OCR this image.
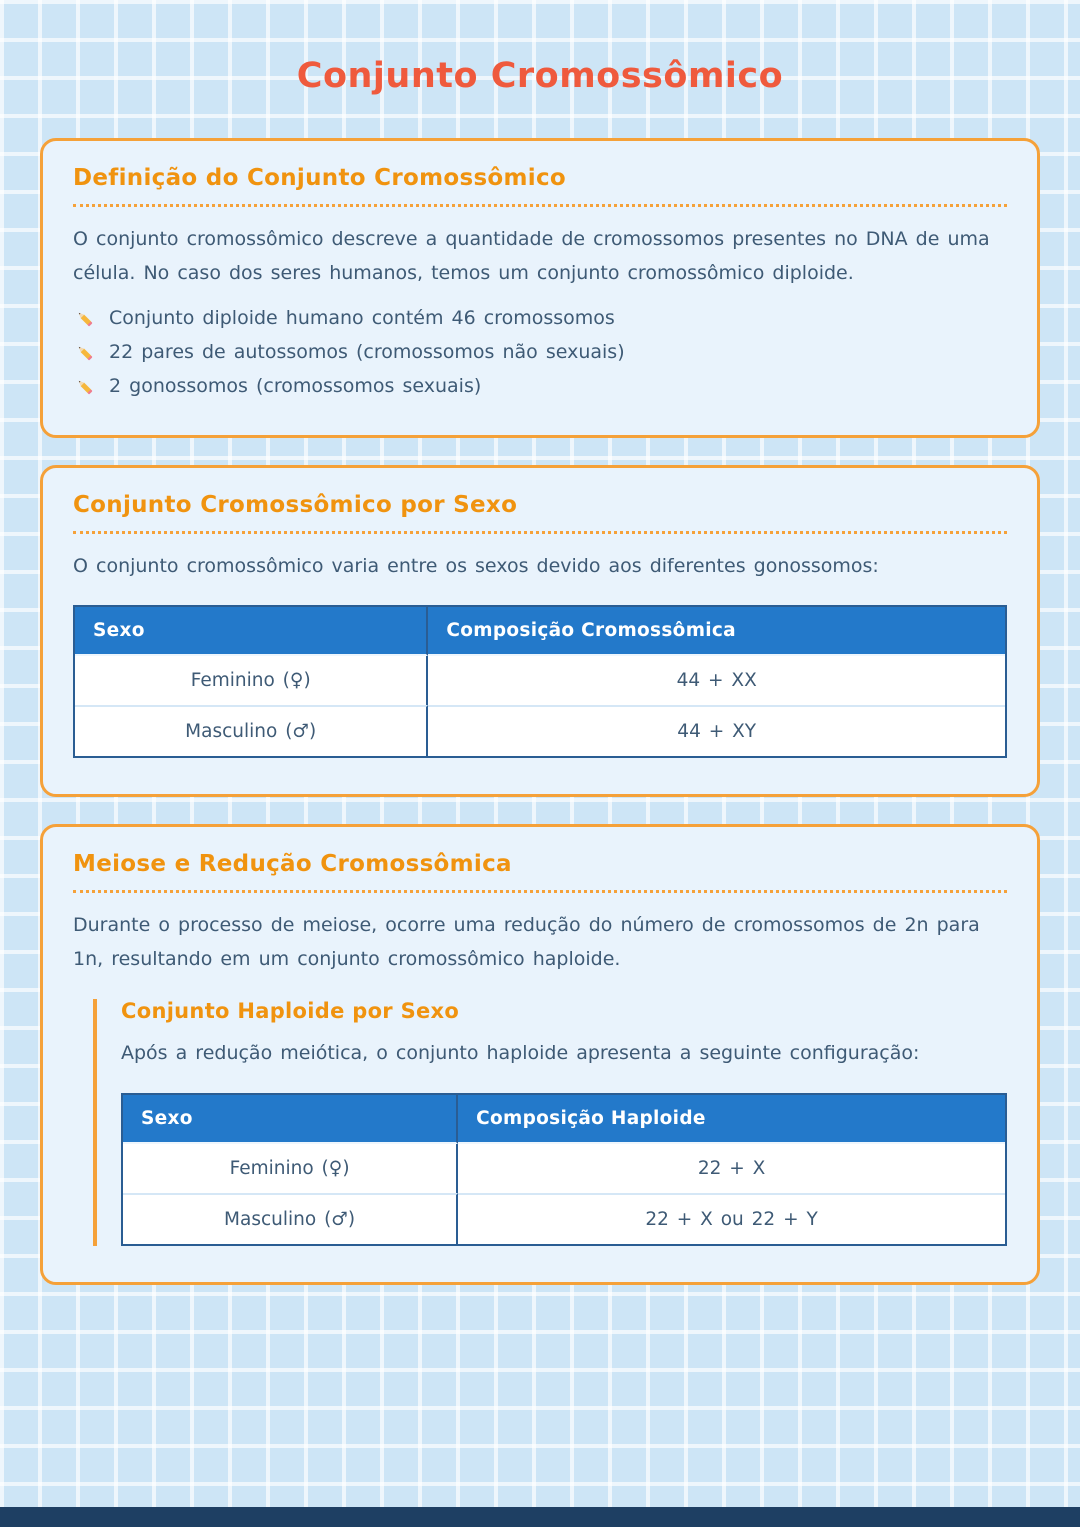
Conjunto Cromossômico
Definição do Conjunto Cromossômico

O conjunto cromossômico descreve a quantidade de cromossomos presentes no DNA de uma célula. No caso dos seres humanos, temos um conjunto cromossômico diploide.

Conjunto diploide humano contém 46 cromossomos
22 pares de autossomos (cromossomos não sexuais)
2 gonossomos (cromossomos sexuais)
Conjunto Cromossômico por Sexo

O conjunto cromossômico varia entre os sexos devido aos diferentes gonossomos:

Sexo	Composição Cromossômica
Feminino (♀)	44 + XX
Masculino (♂)	44 + XY
Meiose e Redução Cromossômica

Durante o processo de meiose, ocorre uma redução do número de cromossomos de 2n para 1n, resultando em um conjunto cromossômico haploide.

Conjunto Haploide por Sexo

Após a redução meiótica, o conjunto haploide apresenta a seguinte configuração:

Sexo	Composição Haploide
Feminino (♀)	22 + X
Masculino (♂)	22 + X ou 22 + Y
